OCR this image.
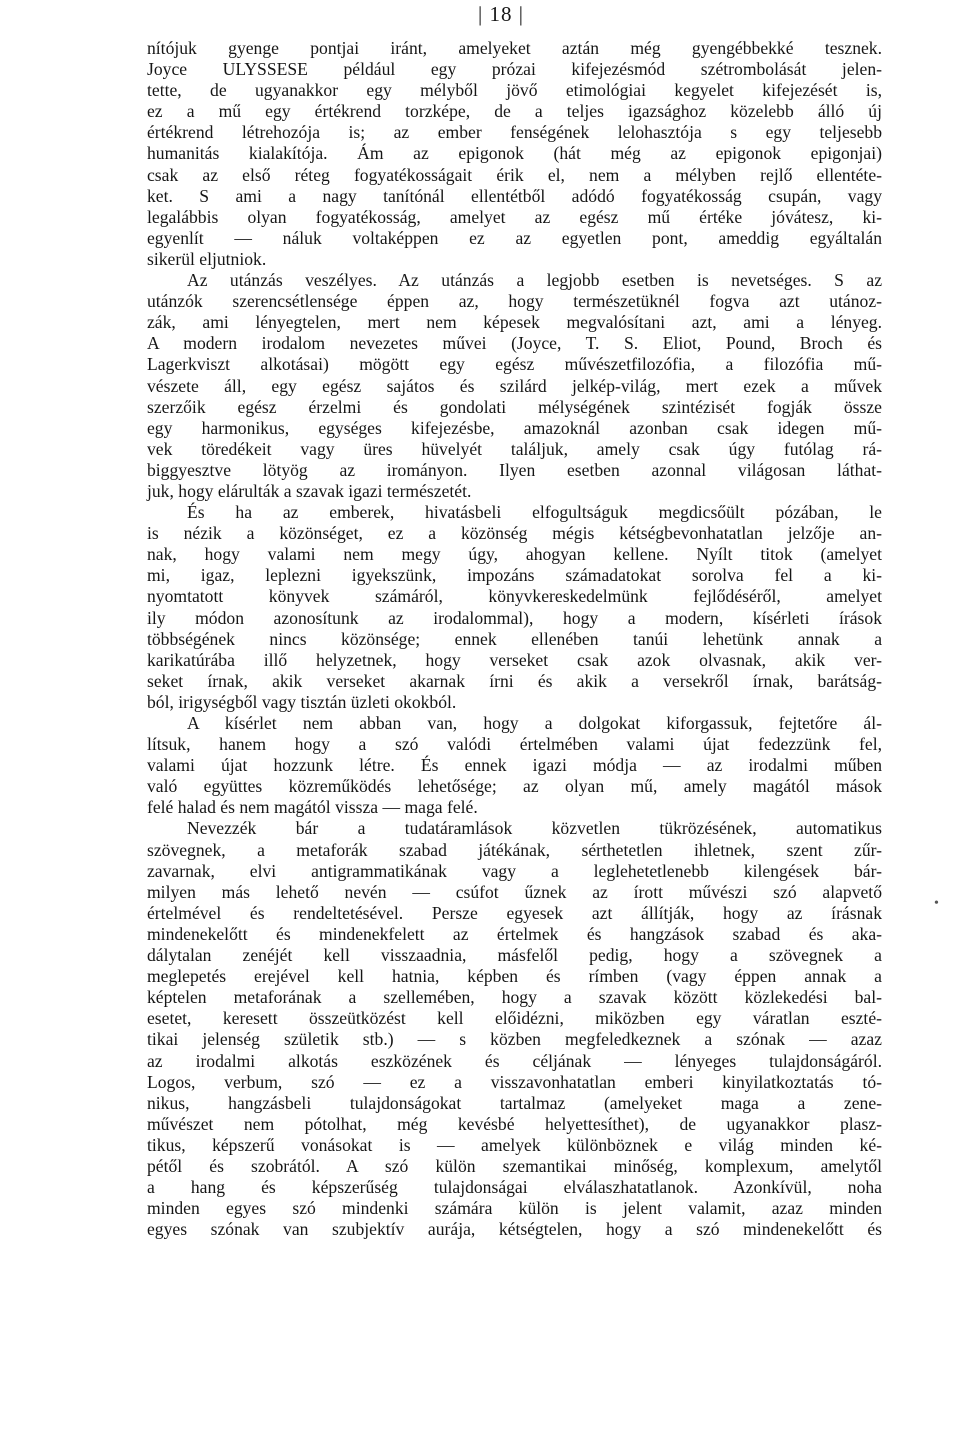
| 18 |
nítójuk gyenge pontjai iránt, amelyeket aztán még gyengébbekké tesznek.
Joyce ULYSSESE például egy prózai kifejezésmód szétrombolását jelen-
tette, de ugyanakkor egy mélyből jövő etimológiai kegyelet kifejezését is,
ez a mű egy értékrend torzképe, de a teljes igazsághoz közelebb álló új
értékrend létrehozója is; az ember fenségének lelohasztója s egy teljesebb
humanitás kialakítója. Ám az epigonok (hát még az epigonok epigonjai)
csak az első réteg fogyatékosságait érik el, nem a mélyben rejlő ellentéte-
ket. S ami a nagy tanítónál ellentétből adódó fogyatékosság csupán, vagy
legalábbis olyan fogyatékosság, amelyet az egész mű értéke jóvátesz, ki-
egyenlít — náluk voltaképpen ez az egyetlen pont, ameddig egyáltalán
sikerül eljutniok.
Az utánzás veszélyes. Az utánzás a legjobb esetben is nevetséges. S az
utánzók szerencsétlensége éppen az, hogy természetüknél fogva azt utánoz-
zák, ami lényegtelen, mert nem képesek megvalósítani azt, ami a lényeg.
A modern irodalom nevezetes művei (Joyce, T. S. Eliot, Pound, Broch és
Lagerkviszt alkotásai) mögött egy egész művészetfilozófia, a filozófia mű-
vészete áll, egy egész sajátos és szilárd jelkép-világ, mert ezek a művek
szerzőik egész érzelmi és gondolati mélységének szintézisét fogják össze
egy harmonikus, egységes kifejezésbe, amazoknál azonban csak idegen mű-
vek töredékeit vagy üres hüvelyét találjuk, amely csak úgy futólag rá-
biggyesztve lötyög az irományon. Ilyen esetben azonnal világosan láthat-
juk, hogy elárulták a szavak igazi természetét.
És ha az emberek, hivatásbeli elfogultságuk megdicsőült pózában, le
is nézik a közönséget, ez a közönség mégis kétségbevonhatatlan jelzője an-
nak, hogy valami nem megy úgy, ahogyan kellene. Nyílt titok (amelyet
mi, igaz, leplezni igyekszünk, impozáns számadatokat sorolva fel a ki-
nyomtatott könyvek számáról, könyvkereskedelmünk fejlődéséről, amelyet
ily módon azonosítunk az irodalommal), hogy a modern, kísérleti írások
többségének nincs közönsége; ennek ellenében tanúi lehetünk annak a
karikatúrába illő helyzetnek, hogy verseket csak azok olvasnak, akik ver-
seket írnak, akik verseket akarnak írni és akik a versekről írnak, barátság-
ból, irigységből vagy tisztán üzleti okokból.
A kísérlet nem abban van, hogy a dolgokat kiforgassuk, fejtetőre ál-
lítsuk, hanem hogy a szó valódi értelmében valami újat fedezzünk fel,
valami újat hozzunk létre. És ennek igazi módja — az irodalmi műben
való együttes közreműködés lehetősége; az olyan mű, amely magától mások
felé halad és nem magától vissza — maga felé.
Nevezzék bár a tudatáramlások közvetlen tükrözésének, automatikus
szövegnek, a metaforák szabad játékának, sérthetetlen ihletnek, szent zűr-
zavarnak, elvi antigrammatikának vagy a leglehetetlenebb kilengések bár-
milyen más lehető nevén — csúfot űznek az írott művészi szó alapvető
értelmével és rendeltetésével. Persze egyesek azt állítják, hogy az írásnak
mindenekelőtt és mindenekfelett az értelmek és hangzások szabad és aka-
dálytalan zenéjét kell visszaadnia, másfelől pedig, hogy a szövegnek a
meglepetés erejével kell hatnia, képben és rímben (vagy éppen annak a
képtelen metaforának a szellemében, hogy a szavak között közlekedési bal-
esetet, keresett összeütközést kell előidézni, miközben egy váratlan eszté-
tikai jelenség születik stb.) — s közben megfeledkeznek a szónak — azaz
az irodalmi alkotás eszközének és céljának — lényeges tulajdonságáról.
Logos, verbum, szó — ez a visszavonhatatlan emberi kinyilatkoztatás tó-
nikus, hangzásbeli tulajdonságokat tartalmaz (amelyeket maga a zene-
művészet nem pótolhat, még kevésbé helyettesíthet), de ugyanakkor plasz-
tikus, képszerű vonásokat is — amelyek különböznek e világ minden ké-
pétől és szobrától. A szó külön szemantikai minőség, komplexum, amelytől
a hang és képszerűség tulajdonságai elválaszhatatlanok. Azonkívül, noha
minden egyes szó mindenki számára külön is jelent valamit, azaz minden
egyes szónak van szubjektív aurája, kétségtelen, hogy a szó mindenekelőtt és
•
